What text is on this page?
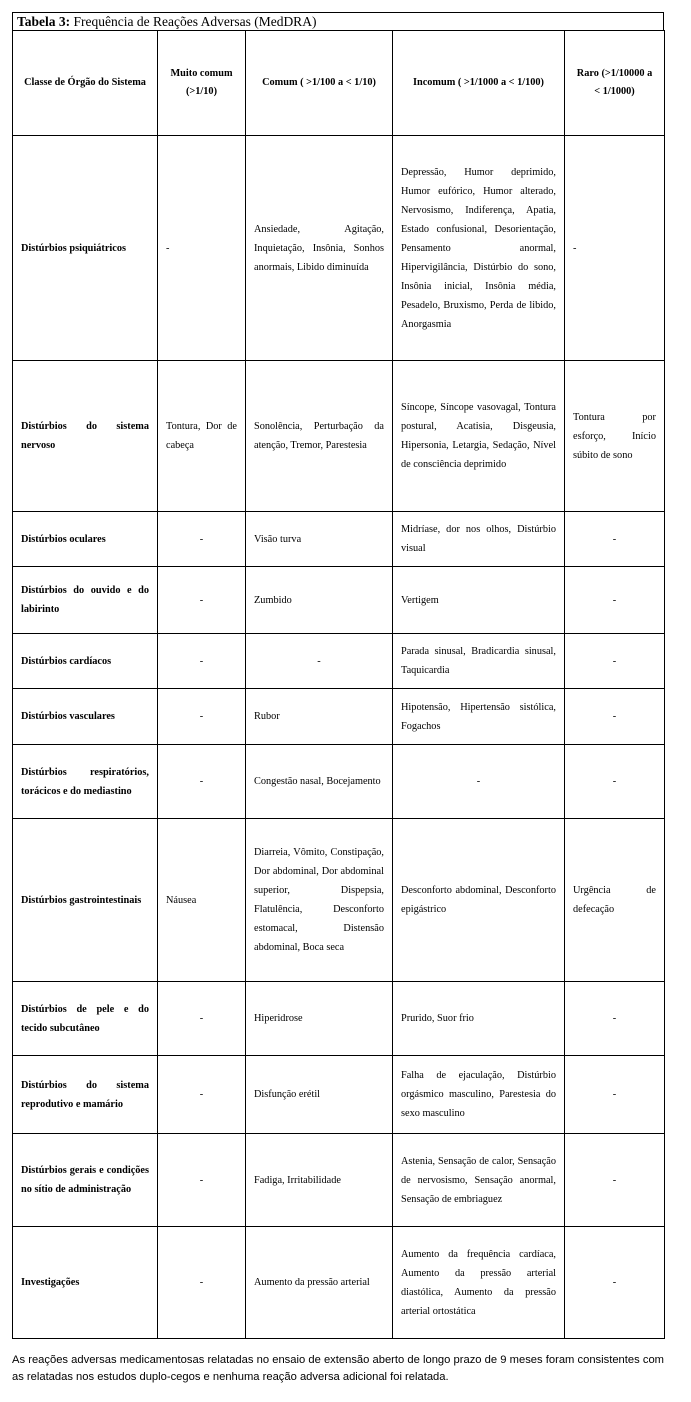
Tabela 3: Frequência de Reações Adversas (MedDRA)
Classe de Órgão do Sistema	Muito comum (>1/10)	Comum ( >1/100 a < 1/10)	Incomum ( >1/1000 a < 1/100)	Raro (>1/10000 a < 1/1000)
Distúrbios psiquiátricos	-	Ansiedade, Agitação, Inquietação, Insônia, Sonhos anormais, Libido diminuída	Depressão, Humor deprimido, Humor eufórico, Humor alterado, Nervosismo, Indiferença, Apatia, Estado confusional, Desorientação, Pensamento anormal, Hipervigilância, Distúrbio do sono, Insônia inicial, Insônia média, Pesadelo, Bruxismo, Perda de libido, Anorgasmia	-
Distúrbios do sistema nervoso	Tontura, Dor de cabeça	Sonolência, Perturbação da atenção, Tremor, Parestesia	Síncope, Síncope vasovagal, Tontura postural, Acatisia, Disgeusia, Hipersonia, Letargia, Sedação, Nível de consciência deprimido	Tontura por esforço, Início súbito de sono
Distúrbios oculares	-	Visão turva	Midríase, dor nos olhos, Distúrbio visual	-
Distúrbios do ouvido e do labirinto	-	Zumbido	Vertigem	-
Distúrbios cardíacos	-	-	Parada sinusal, Bradicardia sinusal, Taquicardia	-
Distúrbios vasculares	-	Rubor	Hipotensão, Hipertensão sistólica, Fogachos	-
Distúrbios respiratórios, torácicos e do mediastino	-	Congestão nasal, Bocejamento	-	-
Distúrbios gastrointestinais	Náusea	Diarreia, Vômito, Constipação, Dor abdominal, Dor abdominal superior, Dispepsia, Flatulência, Desconforto estomacal, Distensão abdominal, Boca seca	Desconforto abdominal, Desconforto epigástrico	Urgência de defecação
Distúrbios de pele e do tecido subcutâneo	-	Hiperidrose	Prurido, Suor frio	-
Distúrbios do sistema reprodutivo e mamário	-	Disfunção erétil	Falha de ejaculação, Distúrbio orgásmico masculino, Parestesia do sexo masculino	-
Distúrbios gerais e condições no sítio de administração	-	Fadiga, Irritabilidade	Astenia, Sensação de calor, Sensação de nervosismo, Sensação anormal, Sensação de embriaguez	-
Investigações	-	Aumento da pressão arterial	Aumento da frequência cardíaca, Aumento da pressão arterial diastólica, Aumento da pressão arterial ortostática	-

As reações adversas medicamentosas relatadas no ensaio de extensão aberto de longo prazo de 9 meses foram consistentes com as relatadas nos estudos duplo-cegos e nenhuma reação adversa adicional foi relatada.
